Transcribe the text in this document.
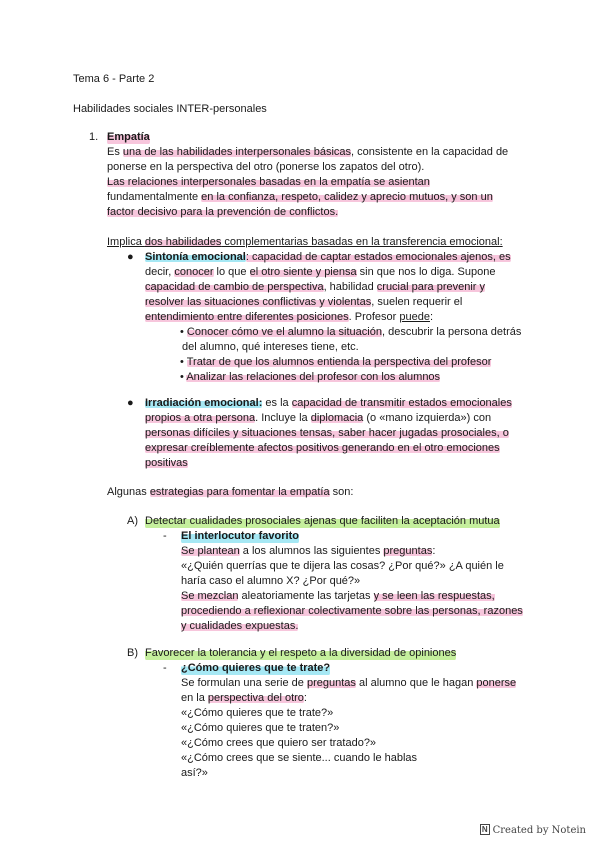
Tema 6 - Parte 2
Habilidades sociales INTER-personales
1. Empatía
Es una de las habilidades interpersonales básicas, consistente en la capacidad de
ponerse en la perspectiva del otro (ponerse los zapatos del otro).
Las relaciones interpersonales basadas en la empatía se asientan
fundamentalmente en la confianza, respeto, calidez y aprecio mutuos, y son un
factor decisivo para la prevención de conflictos.
Implica dos habilidades complementarias basadas en la transferencia emocional:
● Sintonía emocional: capacidad de captar estados emocionales ajenos, es
decir, conocer lo que el otro siente y piensa sin que nos lo diga. Supone
capacidad de cambio de perspectiva, habilidad crucial para prevenir y
resolver las situaciones conflictivas y violentas, suelen requerir el
entendimiento entre diferentes posiciones. Profesor puede:
• Conocer cómo ve el alumno la situación, descubrir la persona detrás
del alumno, qué intereses tiene, etc.
• Tratar de que los alumnos entienda la perspectiva del profesor
• Analizar las relaciones del profesor con los alumnos
● Irradiación emocional: es la capacidad de transmitir estados emocionales
propios a otra persona. Incluye la diplomacia (o «mano izquierda») con
personas difíciles y situaciones tensas, saber hacer jugadas prosociales, o
expresar creíblemente afectos positivos generando en el otro emociones
positivas
Algunas estrategias para fomentar la empatía son:
A) Detectar cualidades prosociales ajenas que faciliten la aceptación mutua
- El interlocutor favorito
Se plantean a los alumnos las siguientes preguntas:
«¿Quién querrías que te dijera las cosas? ¿Por qué?» ¿A quién le
haría caso el alumno X? ¿Por qué?»
Se mezclan aleatoriamente las tarjetas y se leen las respuestas,
procediendo a reflexionar colectivamente sobre las personas, razones
y cualidades expuestas.
B) Favorecer la tolerancia y el respeto a la diversidad de opiniones
- ¿Cómo quieres que te trate?
Se formulan una serie de preguntas al alumno que le hagan ponerse
en la perspectiva del otro:
«¿Cómo quieres que te trate?»
«¿Cómo quieres que te traten?»
«¿Cómo crees que quiero ser tratado?»
«¿Cómo crees que se siente... cuando le hablas
así?»
N Created by Notein
